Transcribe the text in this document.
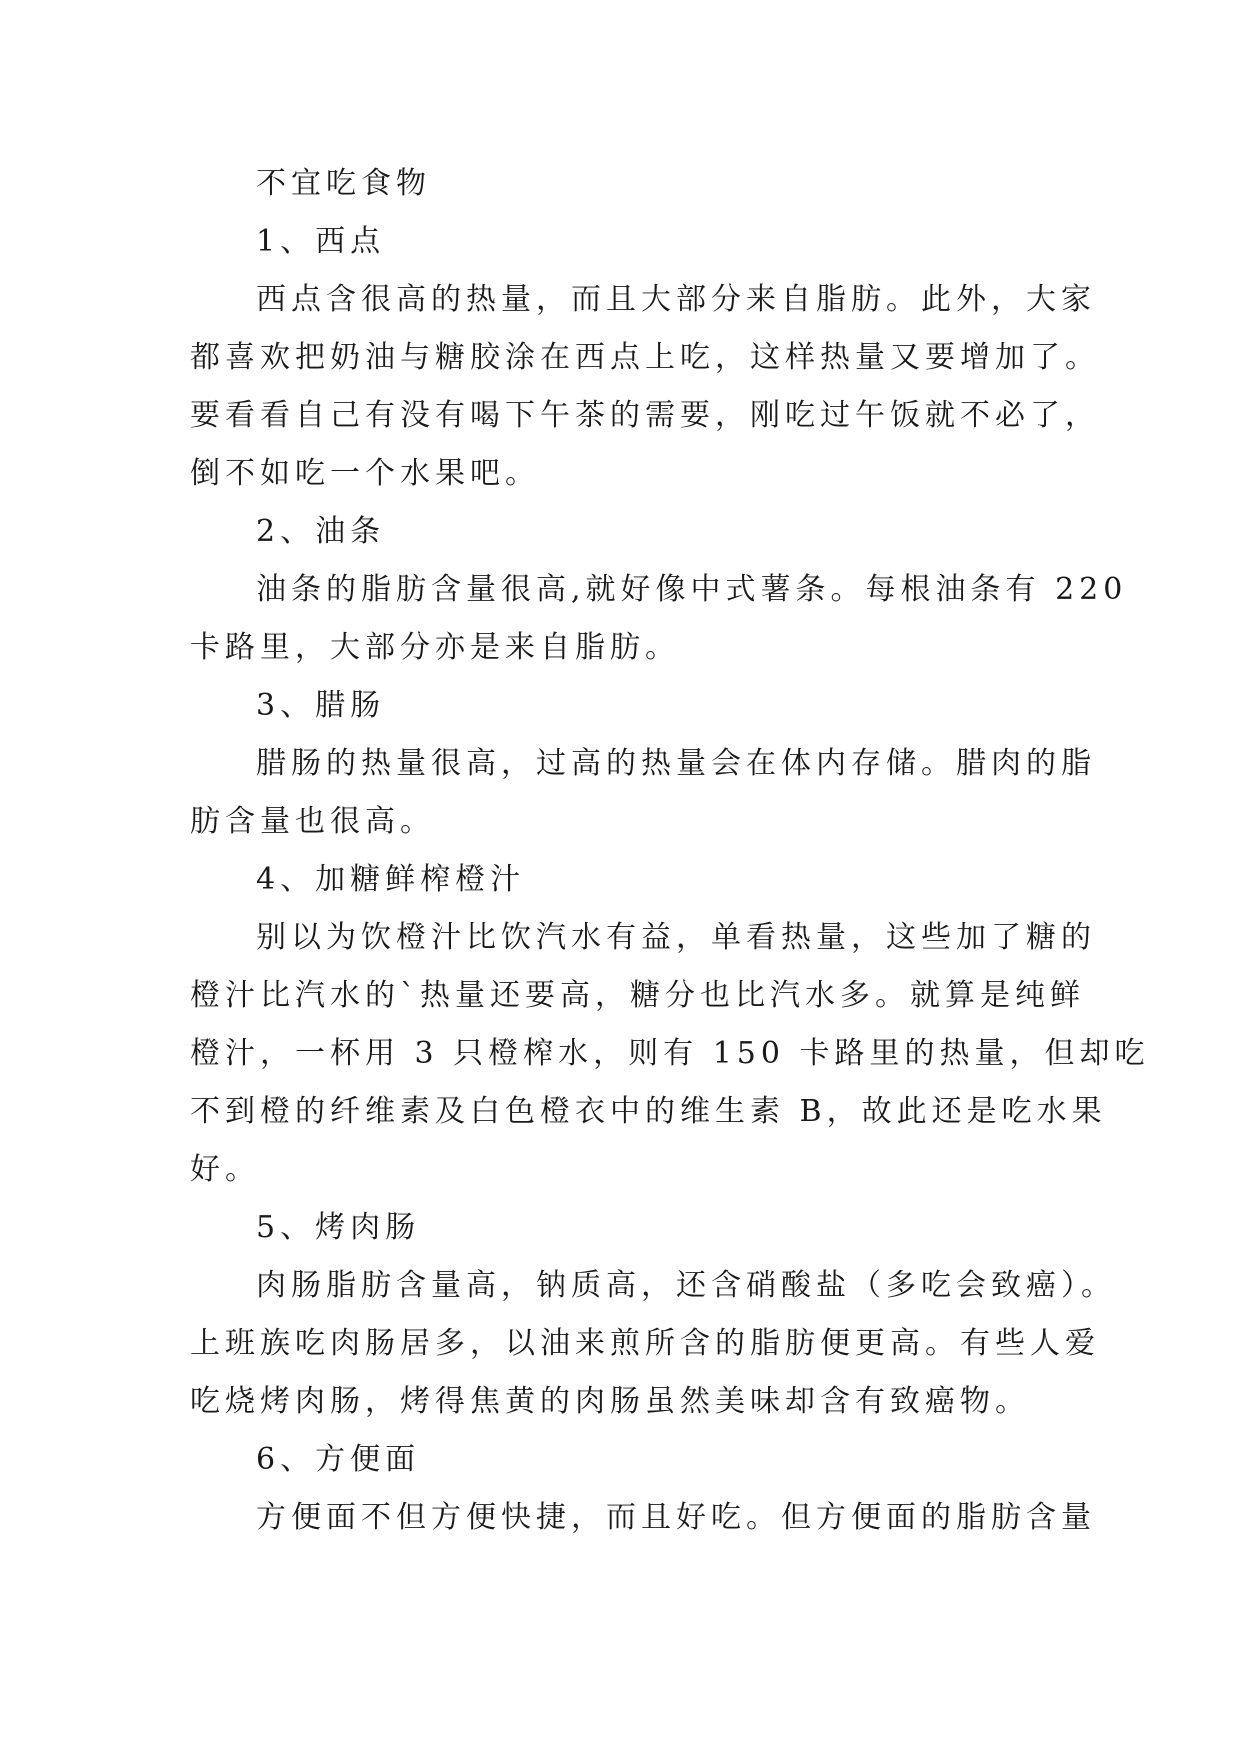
不宜吃食物
1、西点
西点含很高的热量，而且大部分来自脂肪。此外，大家
都喜欢把奶油与糖胶涂在西点上吃，这样热量又要增加了。
要看看自己有没有喝下午茶的需要，刚吃过午饭就不必了，
倒不如吃一个水果吧。
2、油条
油条的脂肪含量很高,就好像中式薯条。每根油条有 220
卡路里，大部分亦是来自脂肪。
3、腊肠
腊肠的热量很高，过高的热量会在体内存储。腊肉的脂
肪含量也很高。
4、加糖鲜榨橙汁
别以为饮橙汁比饮汽水有益，单看热量，这些加了糖的
橙汁比汽水的`热量还要高，糖分也比汽水多。就算是纯鲜
橙汁，一杯用 3 只橙榨水，则有 150 卡路里的热量，但却吃
不到橙的纤维素及白色橙衣中的维生素 B，故此还是吃水果
好。
5、烤肉肠
肉肠脂肪含量高，钠质高，还含硝酸盐（多吃会致癌）。
上班族吃肉肠居多，以油来煎所含的脂肪便更高。有些人爱
吃烧烤肉肠，烤得焦黄的肉肠虽然美味却含有致癌物。
6、方便面
方便面不但方便快捷，而且好吃。但方便面的脂肪含量
